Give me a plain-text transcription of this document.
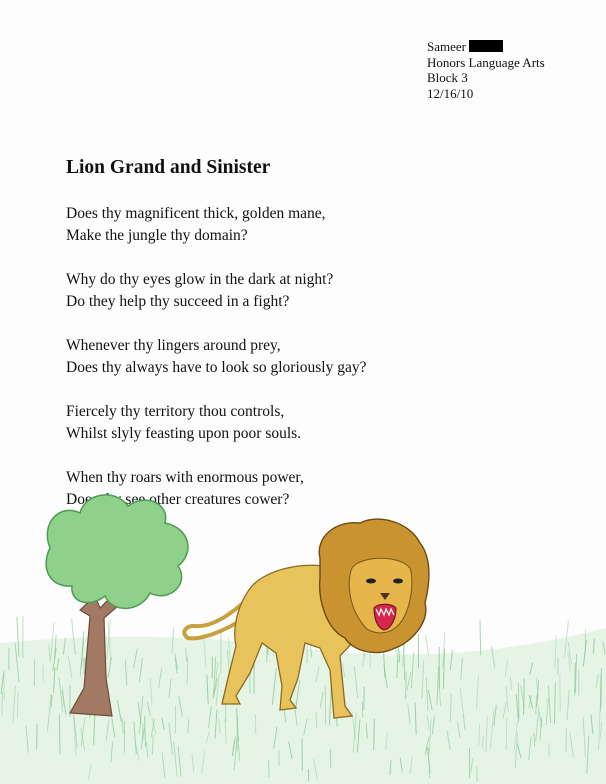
Sameer
Honors Language Arts
Block 3
12/16/10
Lion Grand and Sinister
Does thy magnificent thick, golden mane,
Make the jungle thy domain?
Why do thy eyes glow in the dark at night?
Do they help thy succeed in a fight?
Whenever thy lingers around prey,
Does thy always have to look so gloriously gay?
Fiercely thy territory thou controls,
Whilst slyly feasting upon poor souls.
When thy roars with enormous power,
Does thy see other creatures cower?
